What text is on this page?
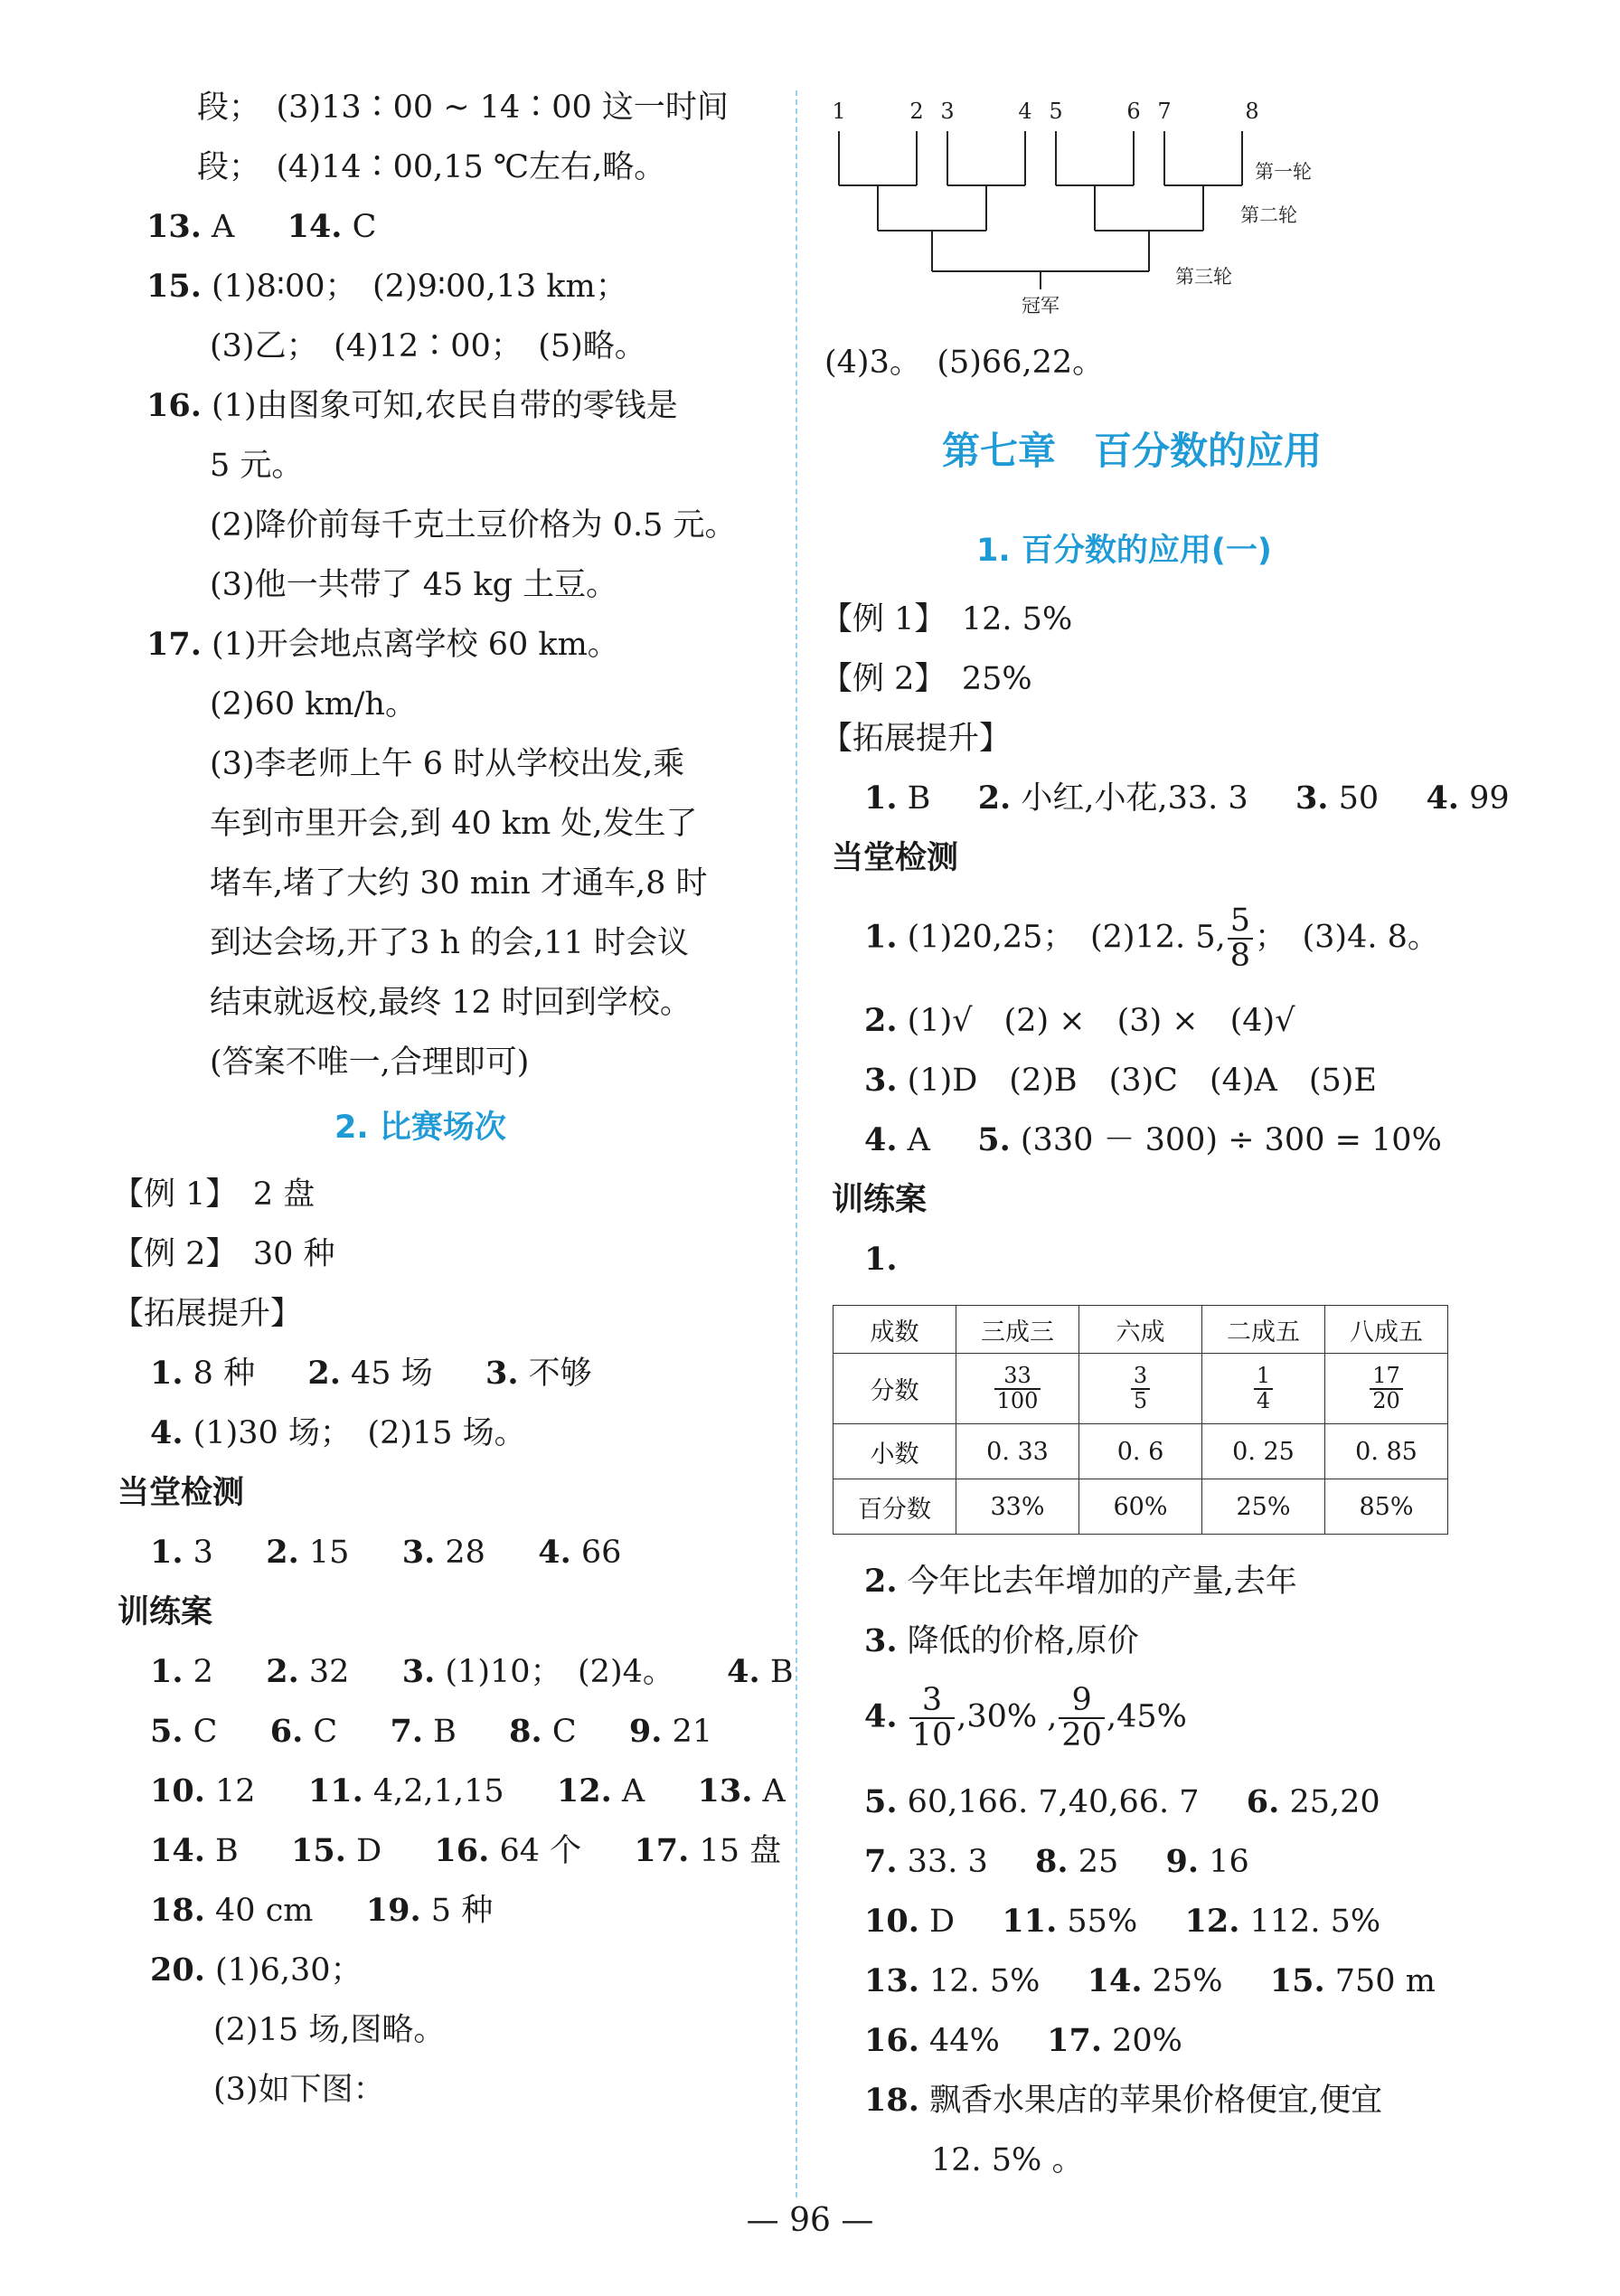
段；　(3)13∶00 ~ 14∶00 这一时间
段；　(4)14∶00,15 ℃左右,略。
13. A 14. C
15. (1)8∶00；　(2)9∶00,13 km；
(3)乙；　(4)12∶00；　(5)略。
16. (1)由图象可知,农民自带的零钱是
5 元。
(2)降价前每千克土豆价格为 0.5 元。
(3)他一共带了 45 kg 土豆。
17. (1)开会地点离学校 60 km。
(2)60 km/h。
(3)李老师上午 6 时从学校出发,乘
车到市里开会,到 40 km 处,发生了
堵车,堵了大约 30 min 才通车,8 时
到达会场,开了3 h 的会,11 时会议
结束就返校,最终 12 时回到学校。
(答案不唯一,合理即可)
2. 比赛场次
【例 1】　2 盘
【例 2】　30 种
【拓展提升】
1. 8 种 2. 45 场 3. 不够
4. (1)30 场；　(2)15 场。
当堂检测
1. 3 2. 15 3. 28 4. 66
训练案
1. 2 2. 32 3. (1)10；　(2)4。 4. B
5. C 6. C 7. B 8. C 9. 21
10. 12 11. 4,2,1,15 12. A 13. A
14. B 15. D 16. 64 个 17. 15 盘
18. 40 cm 19. 5 种
20. (1)6,30；
(2)15 场,图略。
(3)如下图：
1	2 3	4 5	6 7	8
第一轮
第二轮
第三轮
冠军
(4)3。　(5)66,22。
第七章　百分数的应用
1. 百分数的应用(一)
【例 1】　12. 5%
【例 2】　25%
【拓展提升】
1. B 2. 小红,小花,33. 3 3. 50 4. 99
当堂检测
1. (1)20,25；　(2)12. 5, $\frac{5}{8}$ ；　(3)4. 8。
2. (1)√　(2) ×　(3) ×　(4)√
3. (1)D　(2)B　(3)C　(4)A　(5)E
4. A 5. (330 － 300) ÷ 300 = 10%
训练案
1.
2. 今年比去年增加的产量,去年
3. 降低的价格,原价
4. $\frac{3}{10} ,30\%$ , $\frac{9}{20} ,45\%$
5. 60,166. 7,40,66. 7 6. 25,20
7. 33. 3 8. 25 9. 16
10. D 11. 55% 12. 112. 5%
13. 12. 5% 14. 25% 15. 750 m
16. 44% 17. 20%
18. 飘香水果店的苹果价格便宜,便宜
12. 5% 。
成数	三成三	六成	二成五	八成五
分数	$\frac{33}{100}$	$\frac{3}{5}$	$\frac{1}{4}$	$\frac{17}{20}$

小数	0. 33	0. 6	0. 25	0. 85
百分数	33%	60%	25%	85%
— 96 —
